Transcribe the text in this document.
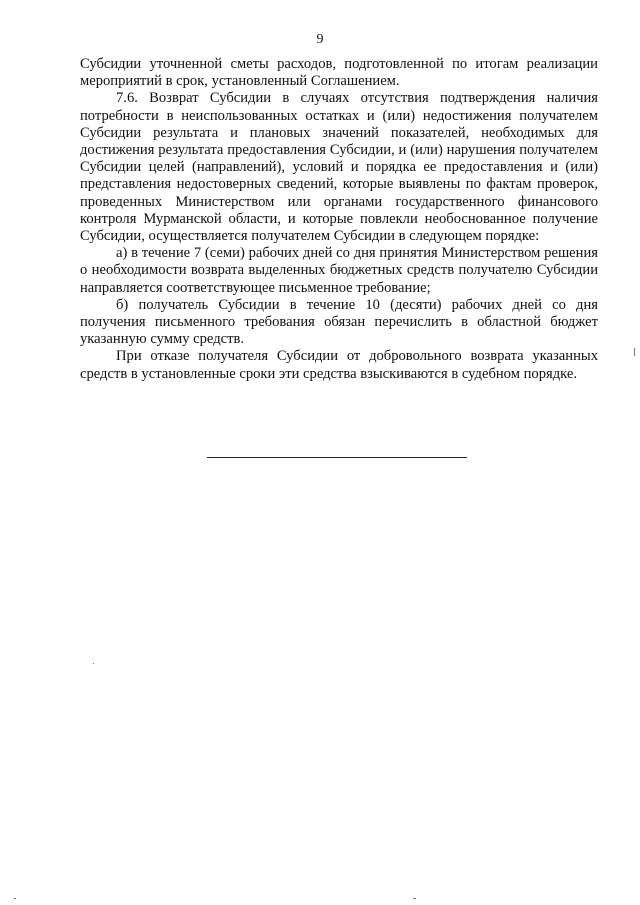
9

Субсидии уточненной сметы расходов, подготовленной по итогам реализации мероприятий в срок, установленный Соглашением.

7.6. Возврат Субсидии в случаях отсутствия подтверждения наличия потребности в неиспользованных остатках и (или) недостижения получателем Субсидии результата и плановых значений показателей, необходимых для достижения результата предоставления Субсидии, и (или) нарушения получателем Субсидии целей (направлений), условий и порядка ее предоставления и (или) представления недостоверных сведений, которые выявлены по фактам проверок, проведенных Министерством или органами государственного финансового контроля Мурманской области, и которые повлекли необоснованное получение Субсидии, осуществляется получателем Субсидии в следующем порядке:

а) в течение 7 (семи) рабочих дней со дня принятия Министерством решения о необходимости возврата выделенных бюджетных средств получателю Субсидии направляется соответствующее письменное требование;

б) получатель Субсидии в течение 10 (десяти) рабочих дней со дня получения письменного требования обязан перечислить в областной бюджет указанную сумму средств.

При отказе получателя Субсидии от добровольного возврата указанных средств в установленные сроки эти средства взыскиваются в судебном порядке.
